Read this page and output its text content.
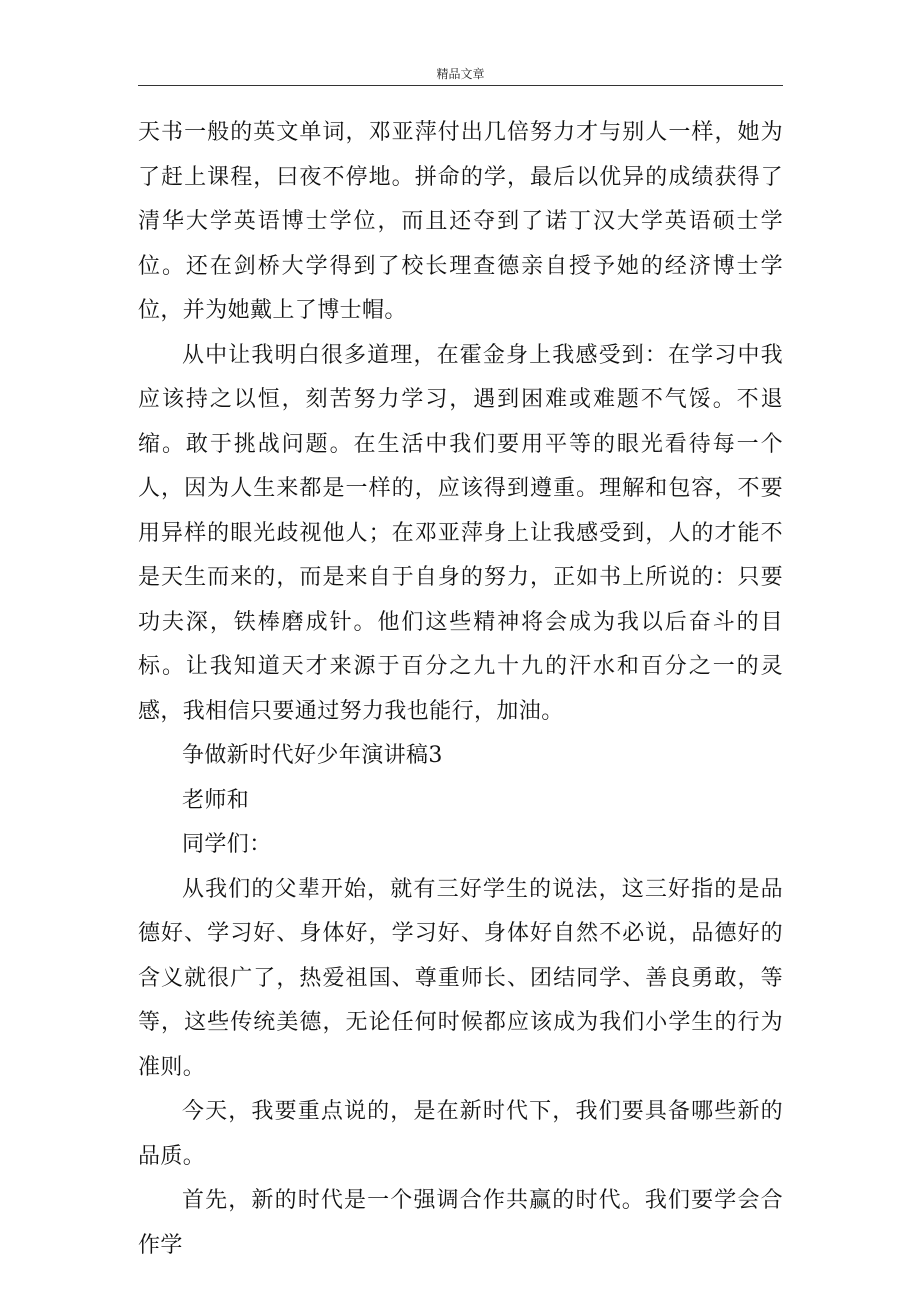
精品文章

天书一般的英文单词，邓亚萍付出几倍努力才与别人一样，她为了赶上课程，曰夜不停地。拼命的学，最后以优异的成绩获得了清华大学英语博士学位，而且还夺到了诺丁汉大学英语硕士学位。还在剑桥大学得到了校长理查德亲自授予她的经济博士学位，并为她戴上了博士帽。

从中让我明白很多道理，在霍金身上我感受到：在学习中我应该持之以恒，刻苦努力学习，遇到困难或难题不气馁。不退缩。敢于挑战问题。在生活中我们要用平等的眼光看待每一个人，因为人生来都是一样的，应该得到遵重。理解和包容，不要用异样的眼光歧视他人；在邓亚萍身上让我感受到，人的才能不是天生而来的，而是来自于自身的努力，正如书上所说的：只要功夫深，铁棒磨成针。他们这些精神将会成为我以后奋斗的目标。让我知道天才来源于百分之九十九的汗水和百分之一的灵感，我相信只要通过努力我也能行，加油。

争做新时代好少年演讲稿3

老师和

同学们：

从我们的父辈开始，就有三好学生的说法，这三好指的是品德好、学习好、身体好，学习好、身体好自然不必说，品德好的含义就很广了，热爱祖国、尊重师长、团结同学、善良勇敢，等等，这些传统美德，无论任何时候都应该成为我们小学生的行为准则。

今天，我要重点说的，是在新时代下，我们要具备哪些新的品质。

首先，新的时代是一个强调合作共赢的时代。我们要学会合作学
